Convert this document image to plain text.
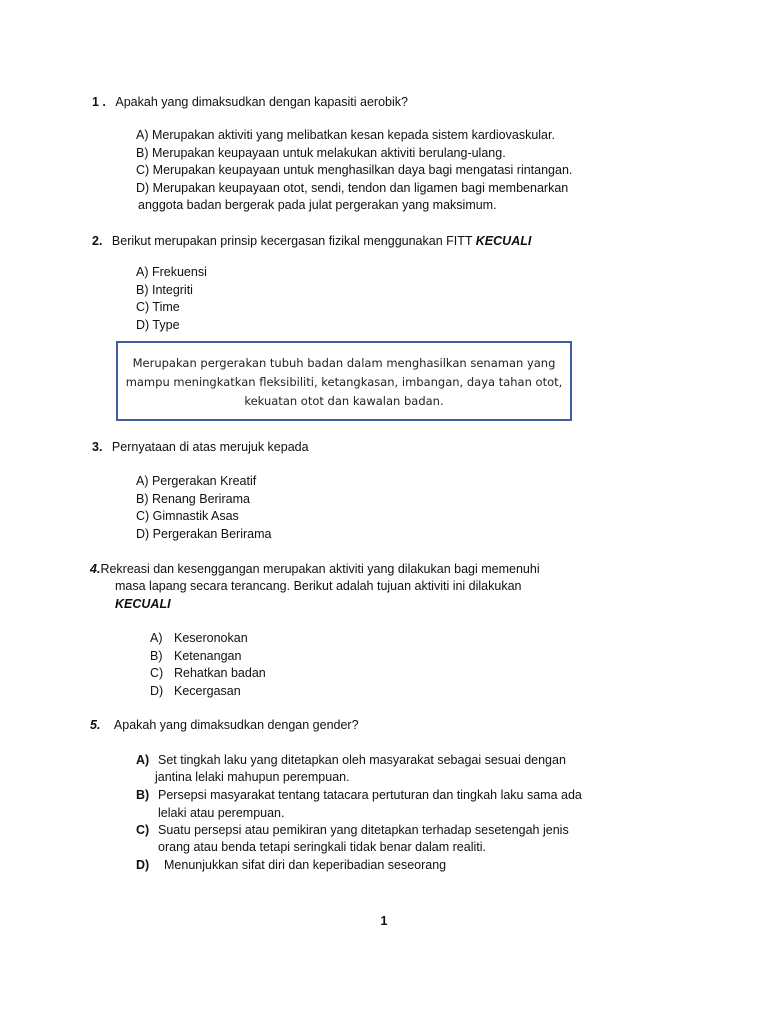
1 . Apakah yang dimaksudkan dengan kapasiti aerobik?
A) Merupakan aktiviti yang melibatkan kesan kepada sistem kardiovaskular.
B) Merupakan keupayaan untuk melakukan aktiviti berulang-ulang.
C) Merupakan keupayaan untuk menghasilkan daya bagi mengatasi rintangan.
D) Merupakan keupayaan otot, sendi, tendon dan ligamen bagi membenarkan
anggota badan bergerak pada julat pergerakan yang maksimum.
2. Berikut merupakan prinsip kecergasan fizikal menggunakan FITT KECUALI
A) Frekuensi
B) Integriti
C) Time
D) Type
Merupakan pergerakan tubuh badan dalam menghasilkan senaman yang
mampu meningkatkan fleksibiliti, ketangkasan, imbangan, daya tahan otot,
kekuatan otot dan kawalan badan.
3. Pernyataan di atas merujuk kepada
A) Pergerakan Kreatif
B) Renang Berirama
C) Gimnastik Asas
D) Pergerakan Berirama
4.Rekreasi dan kesenggangan merupakan aktiviti yang dilakukan bagi memenuhi
masa lapang secara terancang. Berikut adalah tujuan aktiviti ini dilakukan
KECUALI
A) Keseronokan
B) Ketenangan
C) Rehatkan badan
D) Kecergasan
5. Apakah yang dimaksudkan dengan gender?
A) Set tingkah laku yang ditetapkan oleh masyarakat sebagai sesuai dengan
jantina lelaki mahupun perempuan.
B) Persepsi masyarakat tentang tatacara pertuturan dan tingkah laku sama ada
lelaki atau perempuan.
C) Suatu persepsi atau pemikiran yang ditetapkan terhadap sesetengah jenis
orang atau benda tetapi seringkali tidak benar dalam realiti.
D) Menunjukkan sifat diri dan keperibadian seseorang
1
